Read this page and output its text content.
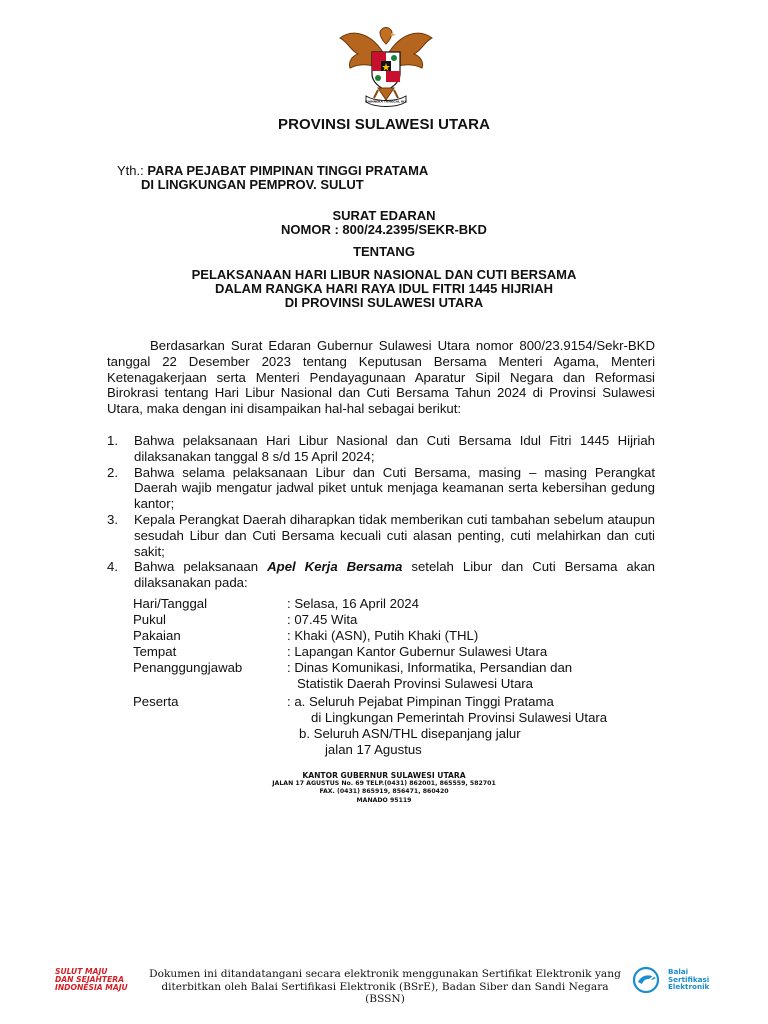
BHINNEKA TUNGGAL IKA
PROVINSI SULAWESI UTARA
Yth.: PARA PEJABAT PIMPINAN TINGGI PRATAMA
DI LINGKUNGAN PEMPROV. SULUT
SURAT EDARAN
NOMOR : 800/24.2395/SEKR-BKD
TENTANG
PELAKSANAAN HARI LIBUR NASIONAL DAN CUTI BERSAMA
DALAM RANGKA HARI RAYA IDUL FITRI 1445 HIJRIAH
DI PROVINSI SULAWESI UTARA
Berdasarkan Surat Edaran Gubernur Sulawesi Utara nomor 800/23.9154/Sekr-BKD tanggal 22 Desember 2023 tentang Keputusan Bersama Menteri Agama, Menteri Ketenagakerjaan serta Menteri Pendayagunaan Aparatur Sipil Negara dan Reformasi Birokrasi tentang Hari Libur Nasional dan Cuti Bersama Tahun 2024 di Provinsi Sulawesi Utara, maka dengan ini disampaikan hal-hal sebagai berikut:
1.	Bahwa pelaksanaan Hari Libur Nasional dan Cuti Bersama Idul Fitri 1445 Hijriah dilaksanakan tanggal 8 s/d 15 April 2024;
2.	Bahwa selama pelaksanaan Libur dan Cuti Bersama, masing – masing Perangkat Daerah wajib mengatur jadwal piket untuk menjaga keamanan serta kebersihan gedung kantor;
3.	Kepala Perangkat Daerah diharapkan tidak memberikan cuti tambahan sebelum ataupun sesudah Libur dan Cuti Bersama kecuali cuti alasan penting, cuti melahirkan dan cuti sakit;
4.	Bahwa pelaksanaan Apel Kerja Bersama setelah Libur dan Cuti Bersama akan dilaksanakan pada:
Hari/Tanggal	: Selasa, 16 April 2024
Pukul	: 07.45 Wita
Pakaian	: Khaki (ASN), Putih Khaki (THL)
Tempat	: Lapangan Kantor Gubernur Sulawesi Utara
Penanggungjawab	: Dinas Komunikasi, Informatika, Persandian dan
Statistik Daerah Provinsi Sulawesi Utara
Peserta	: a. Seluruh Pejabat Pimpinan Tinggi Pratama
di Lingkungan Pemerintah Provinsi Sulawesi Utara
b. Seluruh ASN/THL disepanjang jalur
jalan 17 Agustus
KANTOR GUBERNUR SULAWESI UTARA
JALAN 17 AGUSTUS No. 69 TELP.(0431) 862001, 865559, 582701
FAX. (0431) 865919, 856471, 860420
MANADO 95119
SULUT MAJU
DAN SEJAHTERA
INDONESIA MAJU
Dokumen ini ditandatangani secara elektronik menggunakan Sertifikat Elektronik yang
diterbitkan oleh Balai Sertifikasi Elektronik (BSrE), Badan Siber dan Sandi Negara (BSSN)
Balai
Sertifikasi
Elektronik
